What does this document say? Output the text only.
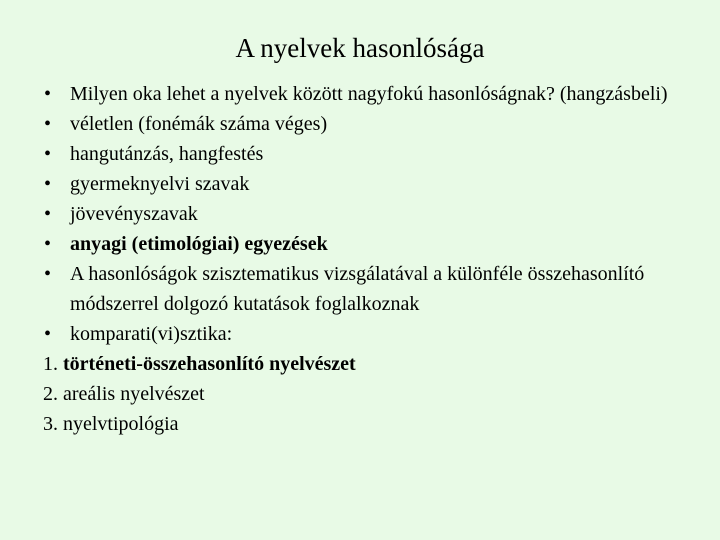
A nyelvek hasonlósága
• Milyen oka lehet a nyelvek között nagyfokú hasonlóságnak? (hangzásbeli)
• véletlen (fonémák száma véges)
• hangutánzás, hangfestés
• gyermeknyelvi szavak
• jövevényszavak
• anyagi (etimológiai) egyezések
• A hasonlóságok szisztematikus vizsgálatával a különféle összehasonlító módszerrel dolgozó kutatások foglalkoznak
• komparati(vi)sztika:
1. történeti-összehasonlító nyelvészet
2. areális nyelvészet
3. nyelvtipológia
